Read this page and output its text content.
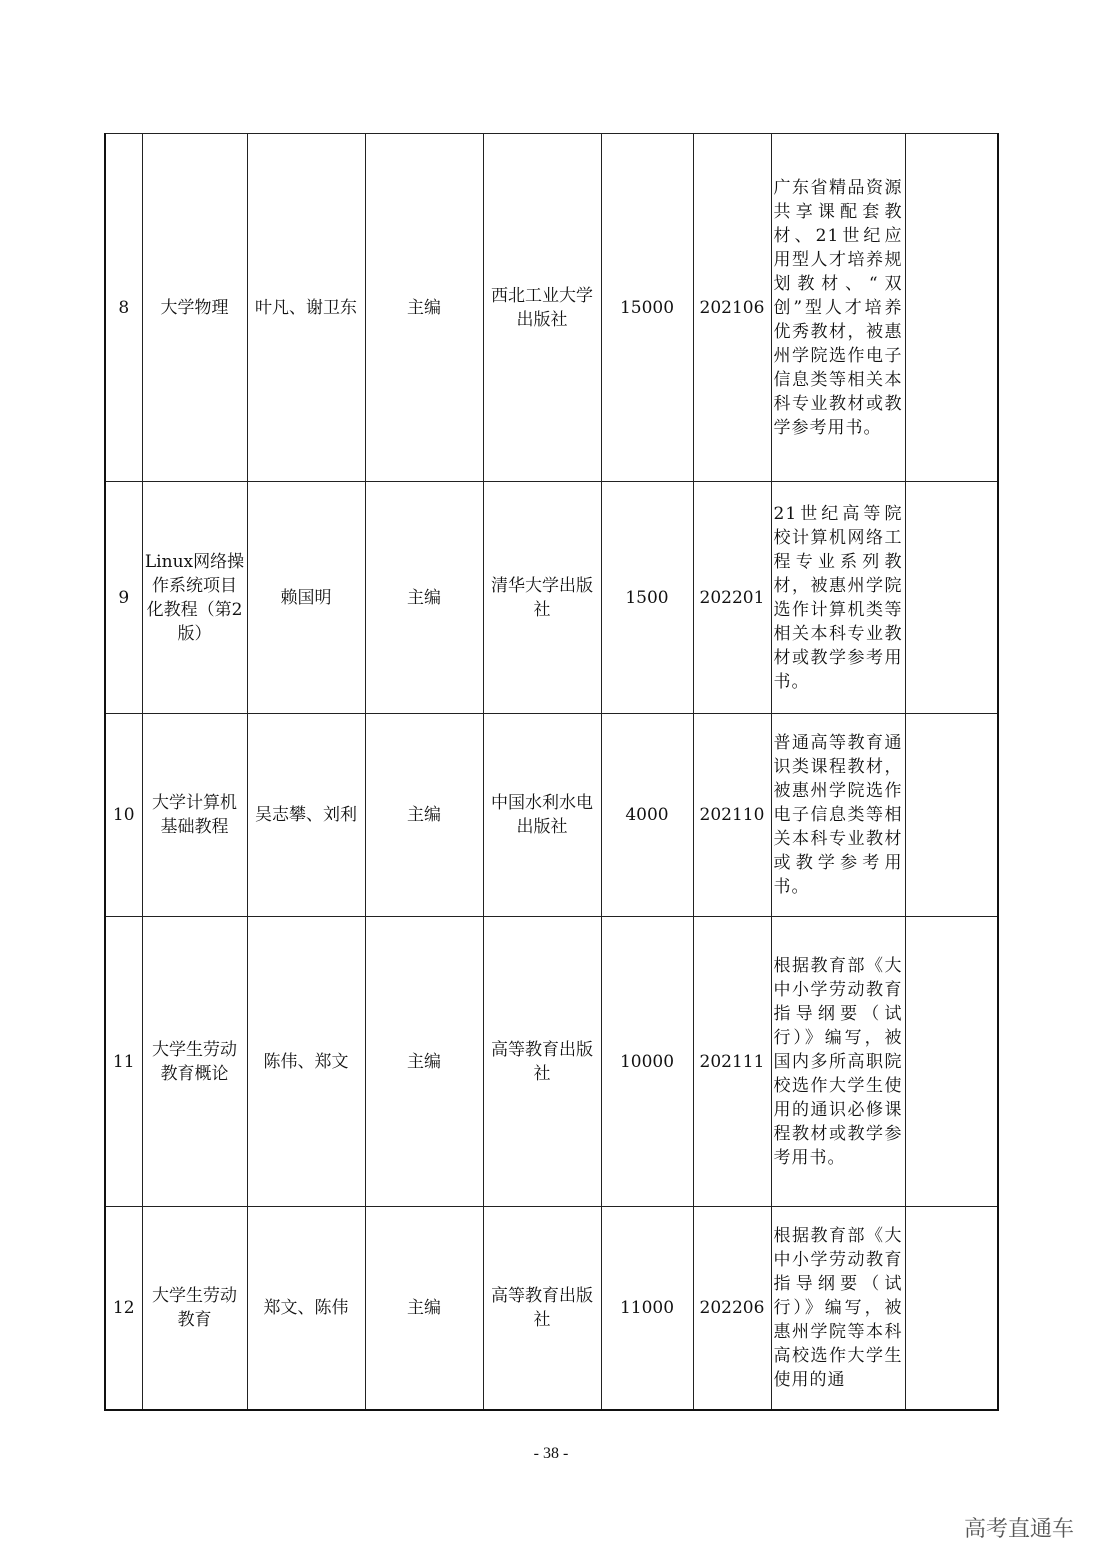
8	大学物理	叶凡、谢卫东	主编	西北工业大学出版社	15000	202106	广东省精品资源共享课配套教材、21世纪应用型人才培养规划教材、“双创”型人才培养优秀教材，被惠州学院选作电子信息类等相关本科专业教材或教学参考用书。	

9	Linux网络操作系统项目化教程（第2版）	赖国明	主编	清华大学出版社	1500	202201	21世纪高等院校计算机网络工程专业系列教材，被惠州学院选作计算机类等相关本科专业教材或教学参考用书。	

10	大学计算机基础教程	吴志攀、刘利	主编	中国水利水电出版社	4000	202110	普通高等教育通识类课程教材，被惠州学院选作电子信息类等相关本科专业教材或教学参考用书。	

11	大学生劳动教育概论	陈伟、郑文	主编	高等教育出版社	10000	202111	根据教育部《大中小学劳动教育指导纲要（试行）》编写，被国内多所高职院校选作大学生使用的通识必修课程教材或教学参考用书。	

12	大学生劳动教育	郑文、陈伟	主编	高等教育出版社	11000	202206	根据教育部《大中小学劳动教育指导纲要（试行）》编写，被惠州学院等本科高校选作大学生使用的通	

- 38 -
高考直通车
